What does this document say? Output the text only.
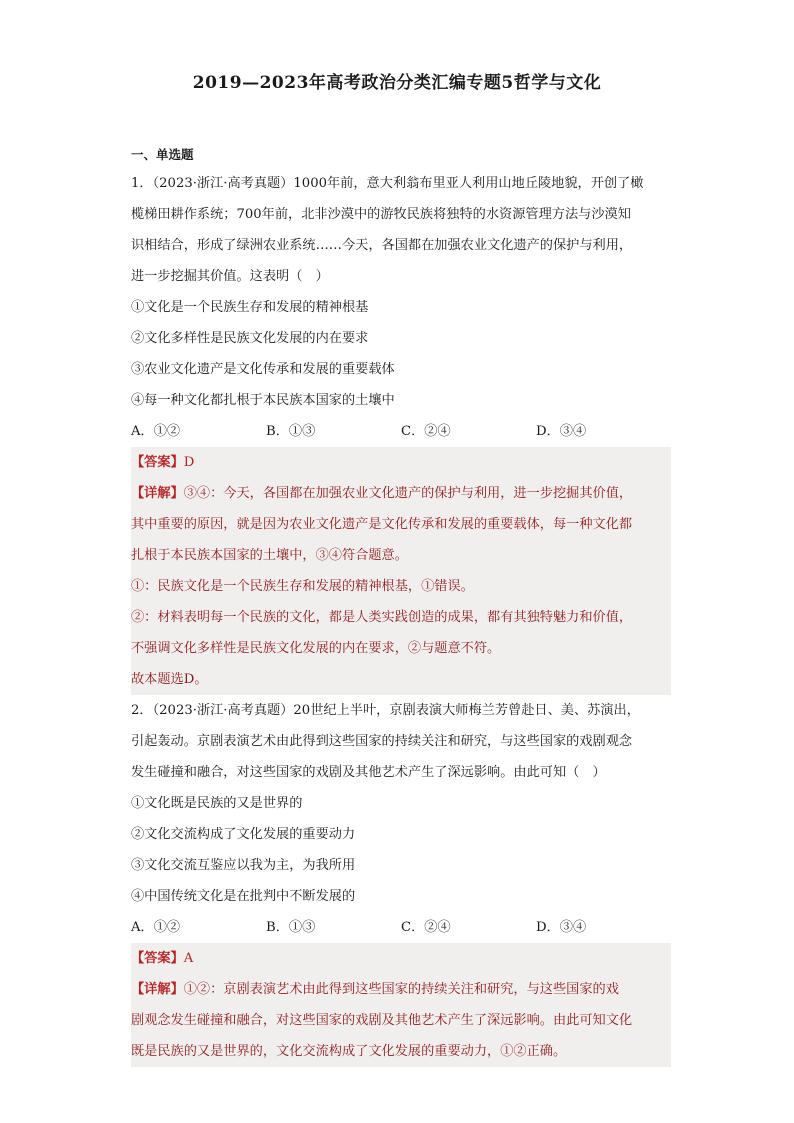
2019—2023年高考政治分类汇编专题5哲学与文化
一、单选题
1．（2023·浙江·高考真题）1000年前，意大利翁布里亚人利用山地丘陵地貌，开创了橄
榄梯田耕作系统；700年前，北非沙漠中的游牧民族将独特的水资源管理方法与沙漠知
识相结合，形成了绿洲农业系统……今天，各国都在加强农业文化遗产的保护与利用，
进一步挖掘其价值。这表明（　）
①文化是一个民族生存和发展的精神根基
②文化多样性是民族文化发展的内在要求
③农业文化遗产是文化传承和发展的重要载体
④每一种文化都扎根于本民族本国家的土壤中
A．①②	B．①③	C．②④	D．③④
【答案】D
【详解】③④：今天，各国都在加强农业文化遗产的保护与利用，进一步挖掘其价值，
其中重要的原因，就是因为农业文化遗产是文化传承和发展的重要载体，每一种文化都
扎根于本民族本国家的土壤中，③④符合题意。
①：民族文化是一个民族生存和发展的精神根基，①错误。
②：材料表明每一个民族的文化，都是人类实践创造的成果，都有其独特魅力和价值，
不强调文化多样性是民族文化发展的内在要求，②与题意不符。
故本题选D。
2．（2023·浙江·高考真题）20世纪上半叶，京剧表演大师梅兰芳曾赴日、美、苏演出，
引起轰动。京剧表演艺术由此得到这些国家的持续关注和研究，与这些国家的戏剧观念
发生碰撞和融合，对这些国家的戏剧及其他艺术产生了深远影响。由此可知（　）
①文化既是民族的又是世界的
②文化交流构成了文化发展的重要动力
③文化交流互鉴应以我为主，为我所用
④中国传统文化是在批判中不断发展的
A．①②	B．①③	C．②④	D．③④
【答案】A
【详解】①②：京剧表演艺术由此得到这些国家的持续关注和研究，与这些国家的戏
剧观念发生碰撞和融合，对这些国家的戏剧及其他艺术产生了深远影响。由此可知文化
既是民族的又是世界的，文化交流构成了文化发展的重要动力，①②正确。
